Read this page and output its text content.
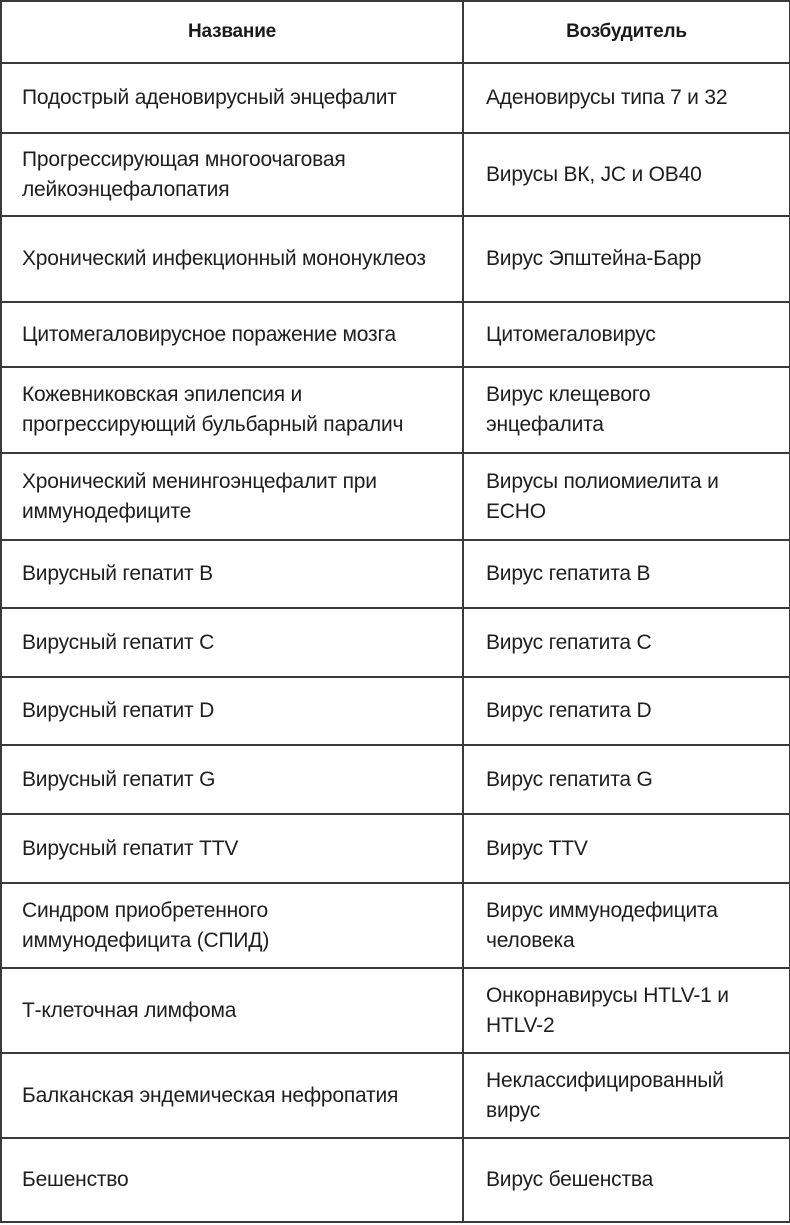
Название	Возбудитель
Подострый аденовирусный энцефалит	Аденовирусы типа 7 и 32
Прогрессирующая многоочаговая лейкоэнцефалопатия	Вирусы ВК, JC и OB40
Хронический инфекционный мононуклеоз	Вирус Эпштейна-Барр
Цитомегаловирусное поражение мозга	Цитомегаловирус
Кожевниковская эпилепсия и прогрессирующий бульбарный паралич	Вирус клещевого энцефалита
Хронический менингоэнцефалит при иммунодефиците	Вирусы полиомиелита и ECHO
Вирусный гепатит B	Вирус гепатита B
Вирусный гепатит C	Вирус гепатита C
Вирусный гепатит D	Вирус гепатита D
Вирусный гепатит G	Вирус гепатита G
Вирусный гепатит TTV	Вирус TTV
Синдром приобретенного иммунодефицита (СПИД)	Вирус иммунодефицита человека
Т-клеточная лимфома	Онкорнавирусы HTLV-1 и HTLV-2
Балканская эндемическая нефропатия	Неклассифицированный вирус
Бешенство	Вирус бешенства
